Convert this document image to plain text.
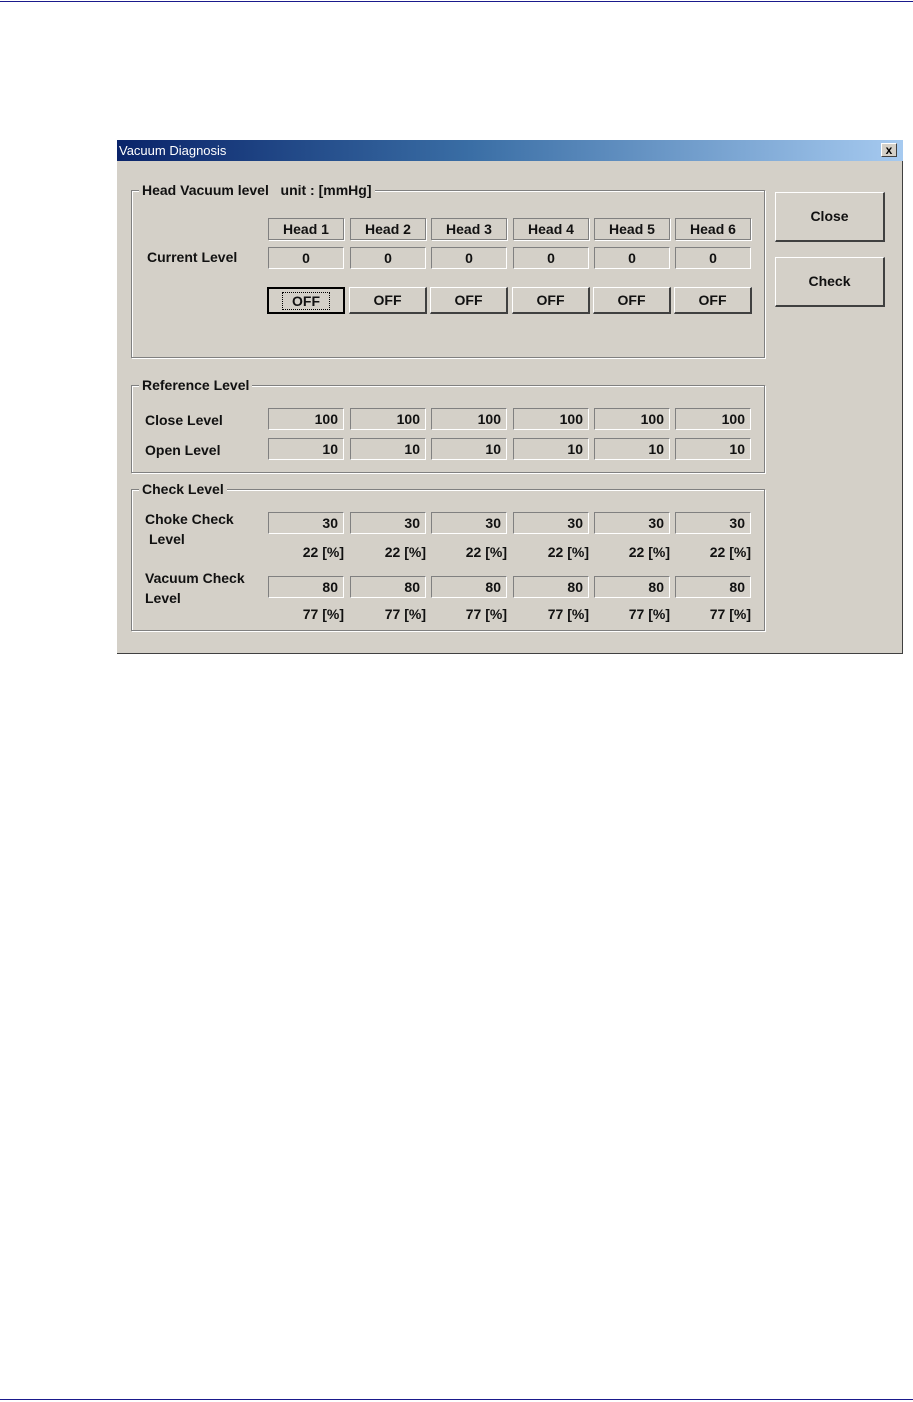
Vacuum Diagnosis	x
Head Vacuum level unit : [mmHg]
Current Level
Head 1
0
OFF
Head 2
0
OFF
Head 3
0
OFF
Head 4
0
OFF
Head 5
0
OFF
Head 6
0
OFF
Reference Level
Close Level
Open Level
Check Level
Choke Check
Level
Vacuum Check
Level
100
10
30
22 [%]
80
77 [%]
100
10
30
22 [%]
80
77 [%]
100
10
30
22 [%]
80
77 [%]
100
10
30
22 [%]
80
77 [%]
100
10
30
22 [%]
80
77 [%]
100
10
30
22 [%]
80
77 [%]
Close
Check
